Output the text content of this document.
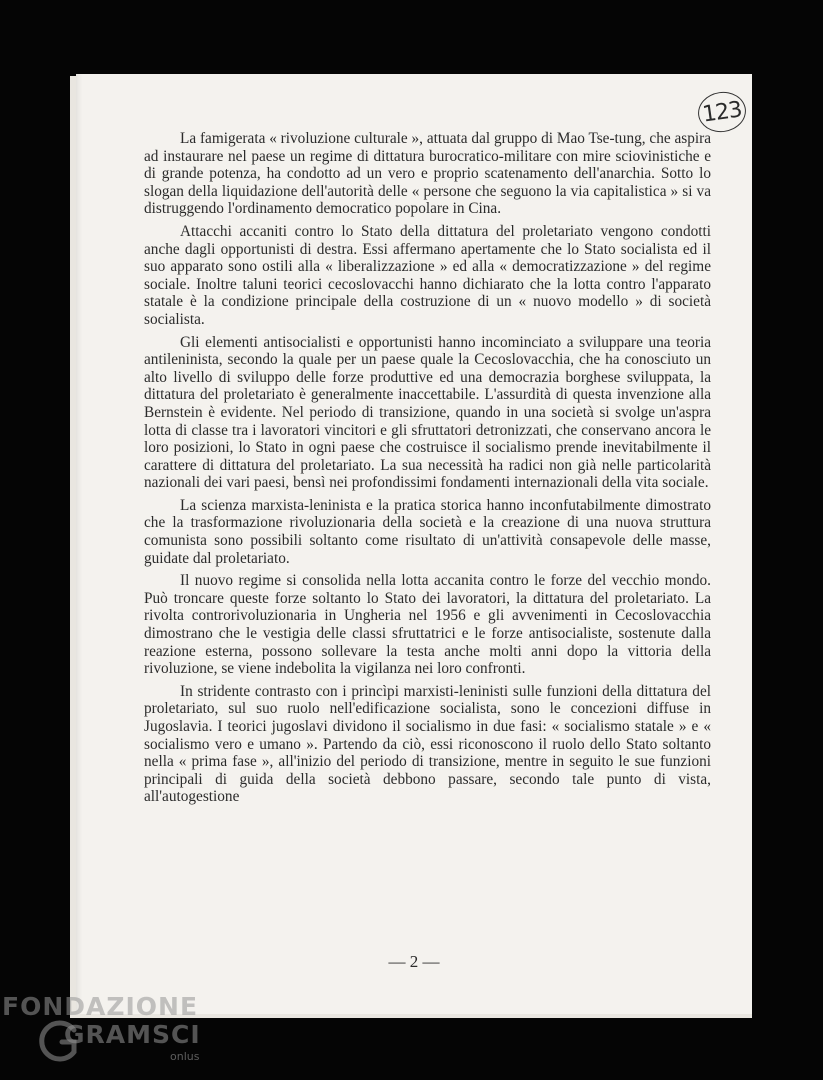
123

La famigerata « rivoluzione culturale », attuata dal gruppo di Mao Tse-tung, che aspira ad instaurare nel paese un regime di dittatura burocratico-militare con mire sciovinistiche e di grande potenza, ha condotto ad un vero e proprio scatenamento dell'anarchia. Sotto lo slogan della liquidazione dell'autorità delle « persone che seguono la via capitalistica » si va distruggendo l'ordinamento democratico popolare in Cina.

Attacchi accaniti contro lo Stato della dittatura del proletariato vengono condotti anche dagli opportunisti di destra. Essi affermano apertamente che lo Stato socialista ed il suo apparato sono ostili alla « liberalizzazione » ed alla « democratizzazione » del regime sociale. Inoltre taluni teorici cecoslovacchi hanno dichiarato che la lotta contro l'apparato statale è la condizione principale della costruzione di un « nuovo modello » di società socialista.

Gli elementi antisocialisti e opportunisti hanno incominciato a sviluppare una teoria antileninista, secondo la quale per un paese quale la Cecoslovacchia, che ha conosciuto un alto livello di sviluppo delle forze produttive ed una democrazia borghese sviluppata, la dittatura del proletariato è generalmente inaccettabile. L'assurdità di questa invenzione alla Bernstein è evidente. Nel periodo di transizione, quando in una società si svolge un'aspra lotta di classe tra i lavoratori vincitori e gli sfruttatori detronizzati, che conservano ancora le loro posizioni, lo Stato in ogni paese che costruisce il socialismo prende inevitabilmente il carattere di dittatura del proletariato. La sua necessità ha radici non già nelle particolarità nazionali dei vari paesi, bensì nei profondissimi fondamenti internazionali della vita sociale.

La scienza marxista-leninista e la pratica storica hanno inconfutabilmente dimostrato che la trasformazione rivoluzionaria della società e la creazione di una nuova struttura comunista sono possibili soltanto come risultato di un'attività consapevole delle masse, guidate dal proletariato.

Il nuovo regime si consolida nella lotta accanita contro le forze del vecchio mondo. Può troncare queste forze soltanto lo Stato dei lavoratori, la dittatura del proletariato. La rivolta controrivoluzionaria in Ungheria nel 1956 e gli avvenimenti in Cecoslovacchia dimostrano che le vestigia delle classi sfruttatrici e le forze antisocialiste, sostenute dalla reazione esterna, possono sollevare la testa anche molti anni dopo la vittoria della rivoluzione, se viene indebolita la vigilanza nei loro confronti.

In stridente contrasto con i princìpi marxisti-leninisti sulle funzioni della dittatura del proletariato, sul suo ruolo nell'edificazione socialista, sono le concezioni diffuse in Jugoslavia. I teorici jugoslavi dividono il socialismo in due fasi: « socialismo statale » e « socialismo vero e umano ». Partendo da ciò, essi riconoscono il ruolo dello Stato soltanto nella « prima fase », all'inizio del periodo di transizione, mentre in seguito le sue funzioni principali di guida della società debbono passare, secondo tale punto di vista, all'autogestione

— 2 —
FONDAZIONE
GRAMSCI
onlus
